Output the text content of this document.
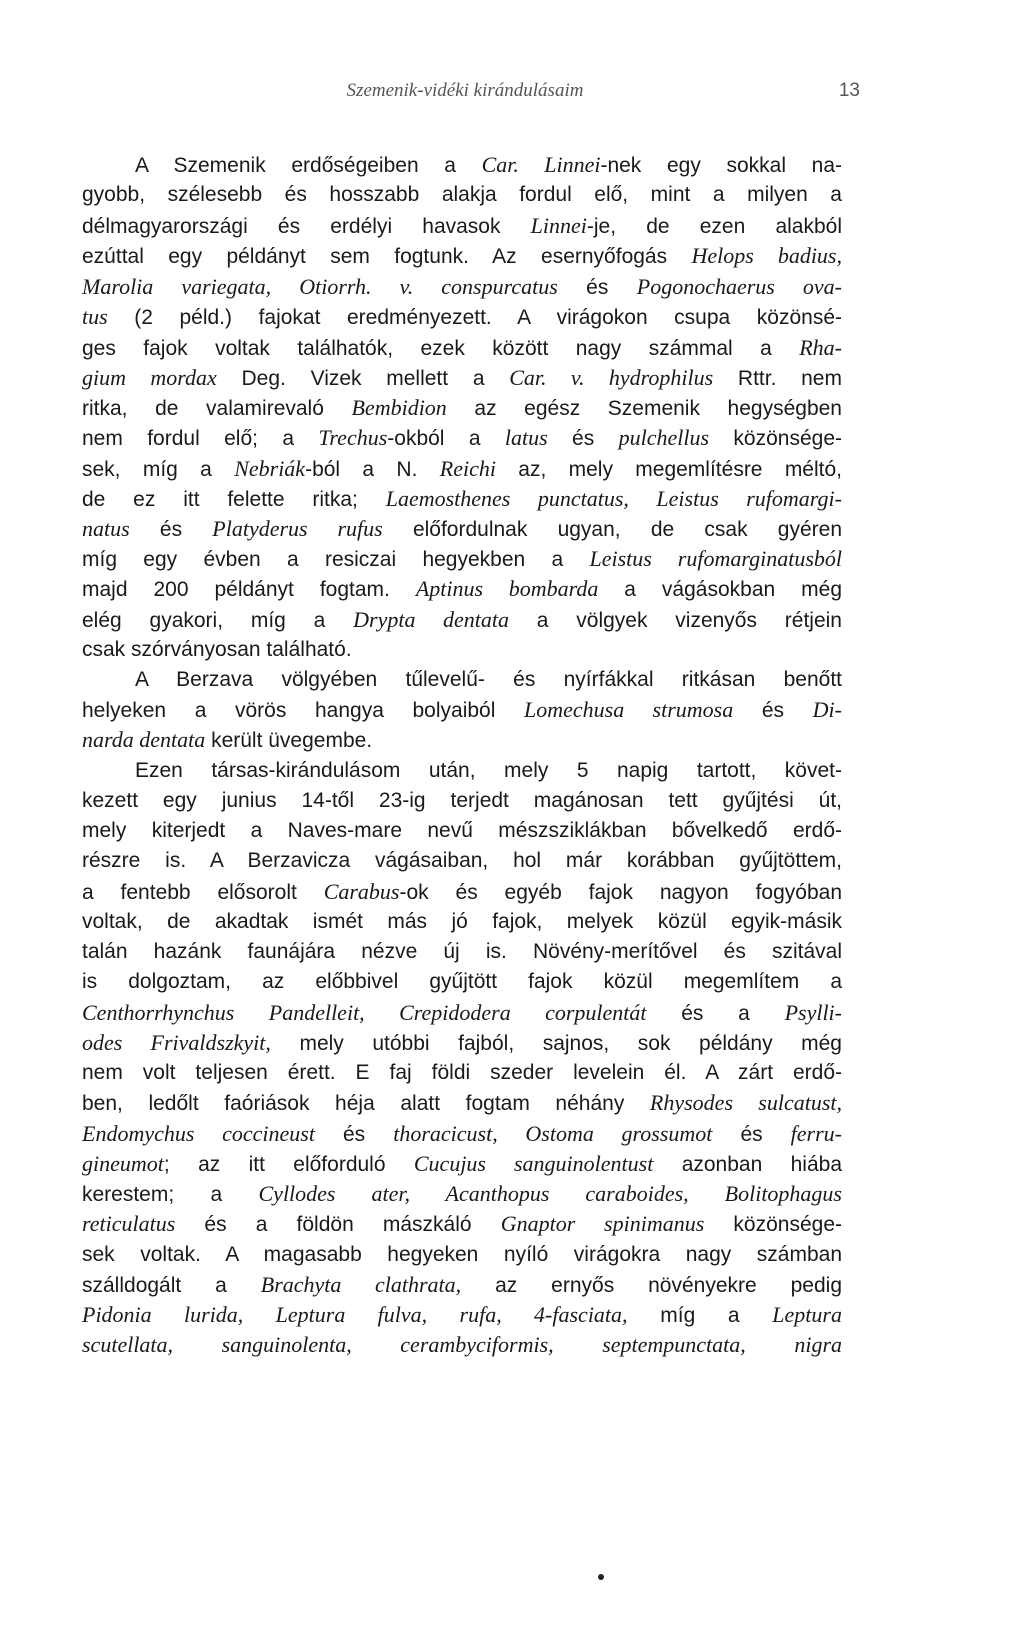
Szemenik-vidéki kirándulásaim	13
A Szemenik erdőségeiben a Car. Linnei-nek egy sokkal na-
gyobb, szélesebb és hosszabb alakja fordul elő, mint a milyen a
délmagyarországi és erdélyi havasok Linnei-je, de ezen alakból
ezúttal egy példányt sem fogtunk. Az esernyőfogás Helops badius,
Marolia variegata, Otiorrh. v. conspurcatus és Pogonochaerus ova-
tus (2 péld.) fajokat eredményezett. A virágokon csupa közönsé-
ges fajok voltak találhatók, ezek között nagy számmal a Rha-
gium mordax Deg. Vizek mellett a Car. v. hydrophilus Rttr. nem
ritka, de valamirevaló Bembidion az egész Szemenik hegységben
nem fordul elő; a Trechus-okból a latus és pulchellus közönsége-
sek, míg a Nebriák-ból a N. Reichi az, mely megemlítésre méltó,
de ez itt felette ritka; Laemosthenes punctatus, Leistus rufomargi-
natus és Platyderus rufus előfordulnak ugyan, de csak gyéren
míg egy évben a resiczai hegyekben a Leistus rufomarginatusból
majd 200 példányt fogtam. Aptinus bombarda a vágásokban még
elég gyakori, míg a Drypta dentata a völgyek vizenyős rétjein
csak szórványosan található.
A Berzava völgyében tűlevelű- és nyírfákkal ritkásan benőtt
helyeken a vörös hangya bolyaiból Lomechusa strumosa és Di-
narda dentata került üvegembe.
Ezen társas-kirándulásom után, mely 5 napig tartott, követ-
kezett egy junius 14-től 23-ig terjedt magánosan tett gyűjtési út,
mely kiterjedt a Naves-mare nevű mészsziklákban bővelkedő erdő-
részre is. A Berzavicza vágásaiban, hol már korábban gyűjtöttem,
a fentebb elősorolt Carabus-ok és egyéb fajok nagyon fogyóban
voltak, de akadtak ismét más jó fajok, melyek közül egyik-másik
talán hazánk faunájára nézve új is. Növény-merítővel és szitával
is dolgoztam, az előbbivel gyűjtött fajok közül megemlítem a
Centhorrhynchus Pandelleit, Crepidodera corpulentát és a Psylli-
odes Frivaldszkyit, mely utóbbi fajból, sajnos, sok példány még
nem volt teljesen érett. E faj földi szeder levelein él. A zárt erdő-
ben, ledőlt faóriások héja alatt fogtam néhány Rhysodes sulcatust,
Endomychus coccineust és thoracicust, Ostoma grossumot és ferru-
gineumot; az itt előforduló Cucujus sanguinolentust azonban hiába
kerestem; a Cyllodes ater, Acanthopus caraboides, Bolitophagus
reticulatus és a földön mászkáló Gnaptor spinimanus közönsége-
sek voltak. A magasabb hegyeken nyíló virágokra nagy számban
szálldogált a Brachyta clathrata, az ernyős növényekre pedig
Pidonia lurida, Leptura fulva, rufa, 4-fasciata, míg a Leptura
scutellata, sanguinolenta, cerambyciformis, septempunctata, nigra
